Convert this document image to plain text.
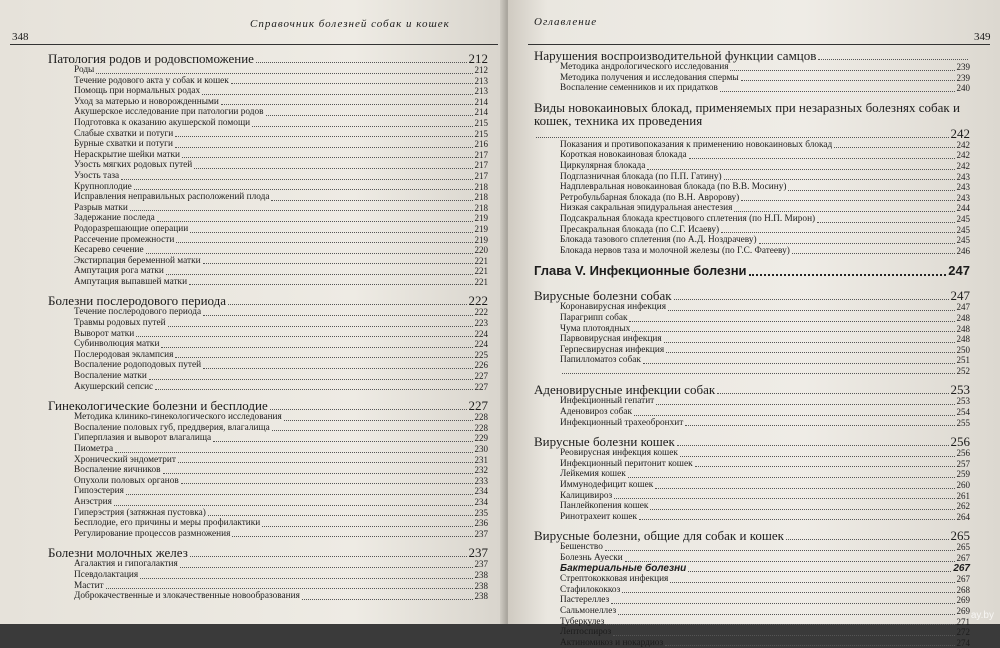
348
Справочник болезней собак и кошек
Патология родов и родовспоможение	212
Роды	212
Течение родового акта у собак и кошек	213
Помощь при нормальных родах	213
Уход за матерью и новорожденными	214
Акушерское исследование при патологии родов	214
Подготовка к оказанию акушерской помощи	215
Слабые схватки и потуги	215
Бурные схватки и потуги	216
Нераскрытие шейки матки	217
Узость мягких родовых путей	217
Узость таза	217
Крупноплодие	218
Исправления неправильных расположений плода	218
Разрыв матки	218
Задержание последа	219
Родоразрешающие операции	219
Рассечение промежности	219
Кесарево сечение	220
Экстирпация беременной матки	221
Ампутация рога матки	221
Ампутация выпавшей матки	221
Болезни послеродового периода	222
Течение послеродового периода	222
Травмы родовых путей	223
Выворот матки	224
Субинволюция матки	224
Послеродовая эклампсия	225
Воспаление родоподовых путей	226
Воспаление матки	227
Акушерский сепсис	227
Гинекологические болезни и бесплодие	227
Методика клинико-гинекологического исследования	228
Воспаление половых губ, преддверия, влагалища	228
Гиперплазия и выворот влагалища	229
Пиометра	230
Хронический эндометрит	231
Воспаление яичников	232
Опухоли половых органов	233
Гипоэстерия	234
Анэстрия	234
Гиперэстрия (затяжная пустовка)	235
Бесплодие, его причины и меры профилактики	236
Регулирование процессов размножения	237
Болезни молочных желез	237
Агалактия и гипогалактия	237
Псевдолактация	238
Мастит	238
Доброкачественные и злокачественные новообразования	238
Оглавление
349
Нарушения воспроизводительной функции самцов
Методика андрологического исследования	239
Методика получения и исследования спермы	239
Воспаление семенников и их придатков	240
Виды новокаиновых блокад, применяемых при незаразных болезнях собак и кошек, техника их проведения
242
Показания и противопоказания к применению новокаиновых блокад	242
Короткая новокаиновая блокада	242
Циркулярная блокада	242
Подглазничная блокада (по П.П. Гатину)	243
Надплевральная новокаиновая блокада (по В.В. Мосину)	243
Ретробульбарная блокада (по В.Н. Авророву)	243
Низкая сакральная эпидуральная анестезия	244
Подсакральная блокада крестцового сплетения (по Н.П. Мирон)	245
Пресакральная блокада (по С.Г. Исаеву)	245
Блокада тазового сплетения (по А.Д. Ноздрачеву)	245
Блокада нервов таза и молочной железы (по Г.С. Фатееву)	246
Глава V. Инфекционные болезни	247
Вирусные болезни собак	247
Коронавирусная инфекция	247
Парагрипп собак	248
Чума плотоядных	248
Парвовирусная инфекция	248
Герпесвирусная инфекция	250
Папилломатоз собак	251
252
Аденовирусные инфекции собак	253
Инфекционный гепатит	253
Аденовироз собак	254
Инфекционный трахеобронхит	255
Вирусные болезни кошек	256
Реовирусная инфекция кошек	256
Инфекционный перитонит кошек	257
Лейкемия кошек	259
Иммунодефицит кошек	260
Калицивироз	261
Панлейкопения кошек	262
Ринотрахеит кошек	264
Вирусные болезни, общие для собак и кошек	265
Бешенство	265
Болезнь Ауески	267
Бактериальные болезни	267
Стрептококковая инфекция	267
Стафилококкоз	268
Пастереллез	269
Сальмонеллез	269
Туберкулез	271
Лептоспироз	272
Актиномикоз и нокардиоз	274
ay.by
